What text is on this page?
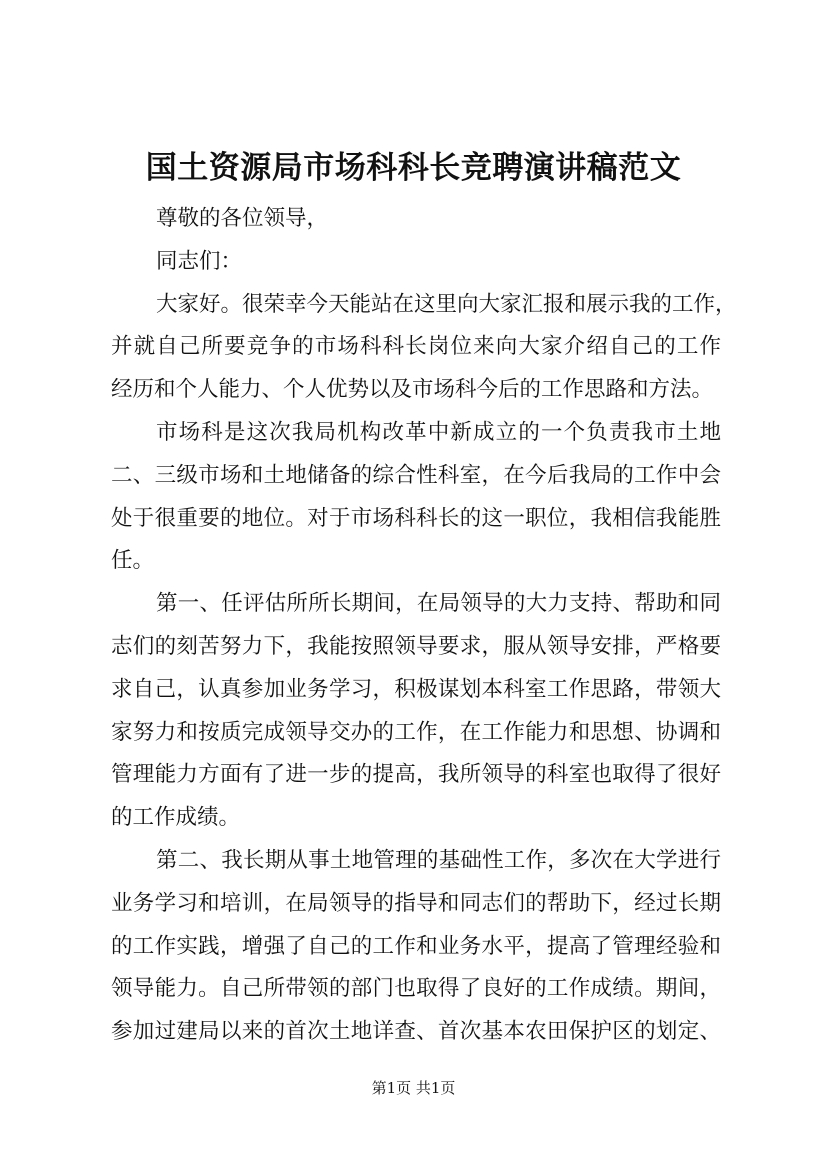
国土资源局市场科科长竞聘演讲稿范文
尊敬的各位领导，
同志们：
大家好。很荣幸今天能站在这里向大家汇报和展示我的工作，
并就自己所要竞争的市场科科长岗位来向大家介绍自己的工作
经历和个人能力、个人优势以及市场科今后的工作思路和方法。
市场科是这次我局机构改革中新成立的一个负责我市土地
二、三级市场和土地储备的综合性科室，在今后我局的工作中会
处于很重要的地位。对于市场科科长的这一职位，我相信我能胜
任。
第一、任评估所所长期间，在局领导的大力支持、帮助和同
志们的刻苦努力下，我能按照领导要求，服从领导安排，严格要
求自己，认真参加业务学习，积极谋划本科室工作思路，带领大
家努力和按质完成领导交办的工作，在工作能力和思想、协调和
管理能力方面有了进一步的提高，我所领导的科室也取得了很好
的工作成绩。
第二、我长期从事土地管理的基础性工作，多次在大学进行
业务学习和培训，在局领导的指导和同志们的帮助下，经过长期
的工作实践，增强了自己的工作和业务水平，提高了管理经验和
领导能力。自己所带领的部门也取得了良好的工作成绩。期间，
参加过建局以来的首次土地详查、首次基本农田保护区的划定、
第1页 共1页
